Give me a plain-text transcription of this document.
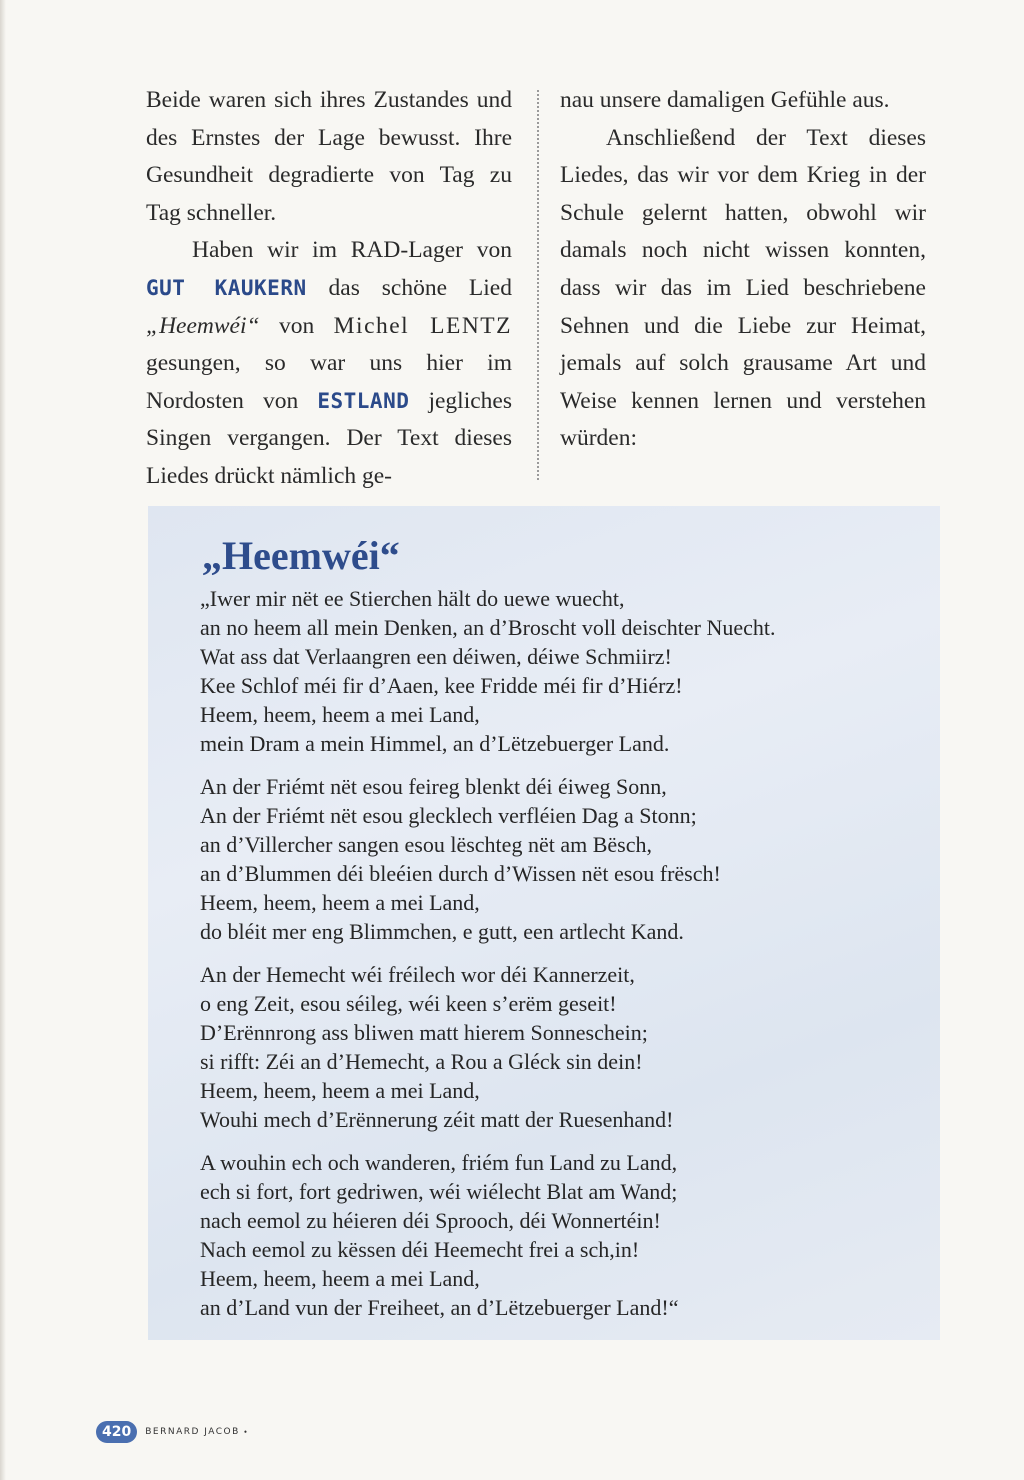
Beide waren sich ihres Zustandes und des Ernstes der Lage bewusst. Ihre Gesundheit degradierte von Tag zu Tag schneller.

Haben wir im RAD-Lager von GUT KAUKERN das schöne Lied „Heemwéi“ von Michel LENTZ gesungen, so war uns hier im Nordosten von ESTLAND jegliches Singen vergangen. Der Text dieses Liedes drückt nämlich ge-

nau unsere damaligen Gefühle aus.

Anschließend der Text dieses Liedes, das wir vor dem Krieg in der Schule gelernt hatten, obwohl wir damals noch nicht wissen konnten, dass wir das im Lied beschriebene Sehnen und die Liebe zur Heimat, jemals auf solch grausame Art und Weise kennen lernen und verstehen würden:

„Heemwéi“
„Iwer mir nët ee Stierchen hält do uewe wuecht,
an no heem all mein Denken, an d’Broscht voll deischter Nuecht.
Wat ass dat Verlaangren een déiwen, déiwe Schmiirz!
Kee Schlof méi fir d’Aaen, kee Fridde méi fir d’Hiérz!
Heem, heem, heem a mei Land,
mein Dram a mein Himmel, an d’Lëtzebuerger Land.
An der Friémt nët esou feireg blenkt déi éiweg Sonn,
An der Friémt nët esou glecklech verfléien Dag a Stonn;
an d’Villercher sangen esou lëschteg nët am Bësch,
an d’Blummen déi bleéien durch d’Wissen nët esou frësch!
Heem, heem, heem a mei Land,
do bléit mer eng Blimmchen, e gutt, een artlecht Kand.
An der Hemecht wéi fréilech wor déi Kannerzeit,
o eng Zeit, esou séileg, wéi keen s’erëm geseit!
D’Erënnrong ass bliwen matt hierem Sonneschein;
si rifft: Zéi an d’Hemecht, a Rou a Gléck sin dein!
Heem, heem, heem a mei Land,
Wouhi mech d’Erënnerung zéit matt der Ruesenhand!
A wouhin ech och wanderen, friém fun Land zu Land,
ech si fort, fort gedriwen, wéi wiélecht Blat am Wand;
nach eemol zu héieren déi Sprooch, déi Wonnertéin!
Nach eemol zu këssen déi Heemecht frei a sch,in!
Heem, heem, heem a mei Land,
an d’Land vun der Freiheet, an d’Lëtzebuerger Land!“
420	BERNARD JACOB •
